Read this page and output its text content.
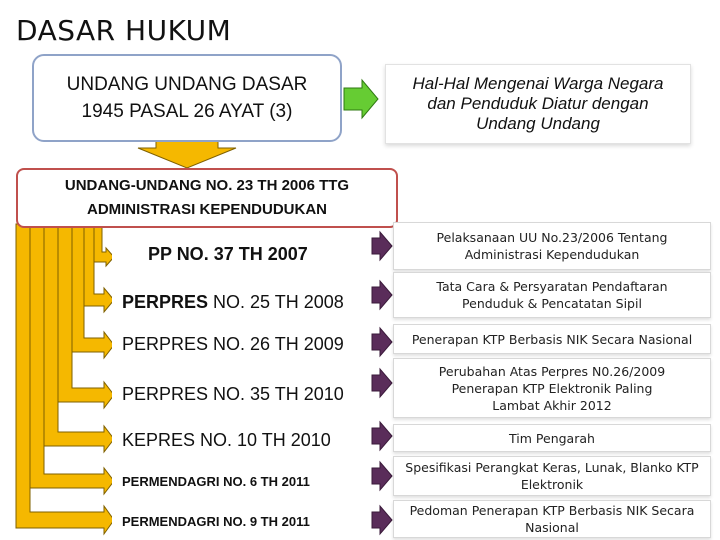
DASAR HUKUM
UNDANG UNDANG DASAR
1945 PASAL 26 AYAT (3)
Hal-Hal Mengenai Warga Negara
dan Penduduk Diatur dengan
Undang Undang
UNDANG-UNDANG NO. 23 TH 2006 TTG
ADMINISTRASI KEPENDUDUKAN
PP NO. 37 TH 2007
PERPRES NO. 25 TH 2008
PERPRES NO. 26 TH 2009
PERPRES NO. 35 TH 2010
KEPRES NO. 10 TH 2010
PERMENDAGRI NO. 6 TH 2011
PERMENDAGRI NO. 9 TH 2011
Pelaksanaan UU No.23/2006 Tentang
Administrasi Kependudukan
Tata Cara & Persyaratan Pendaftaran
Penduduk & Pencatatan Sipil
Penerapan KTP Berbasis NIK Secara Nasional
Perubahan Atas Perpres N0.26/2009
Penerapan KTP Elektronik Paling
Lambat Akhir 2012
Tim Pengarah
Spesifikasi Perangkat Keras, Lunak, Blanko KTP
Elektronik
Pedoman Penerapan KTP Berbasis NIK Secara
Nasional
